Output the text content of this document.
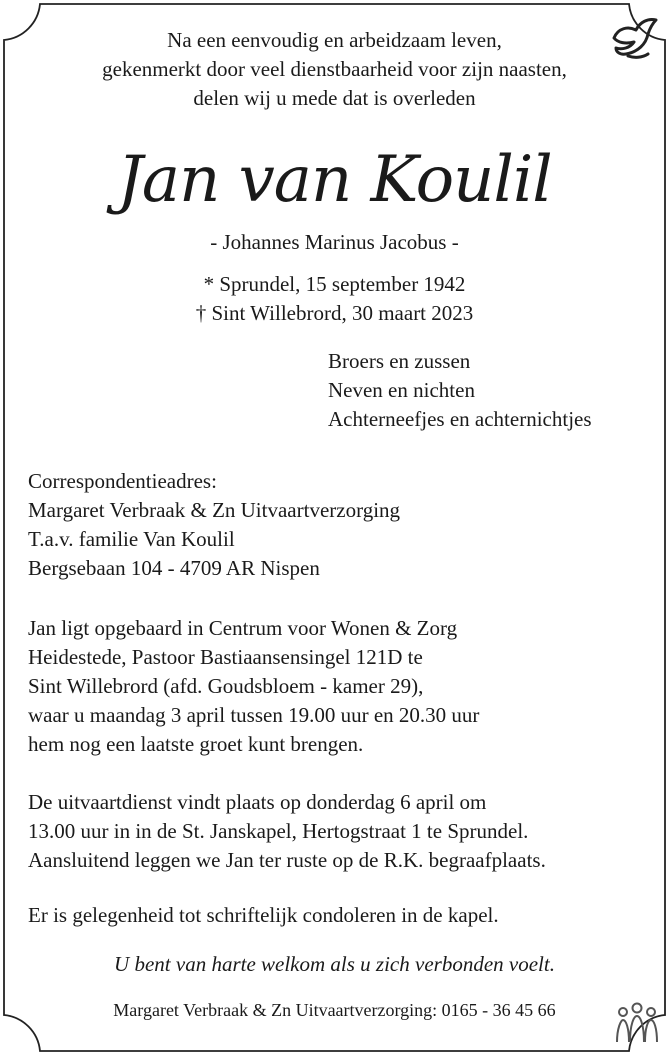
Na een eenvoudig en arbeidzaam leven,
gekenmerkt door veel dienstbaarheid voor zijn naasten,
delen wij u mede dat is overleden
Jan van Koulil
- Johannes Marinus Jacobus -
* Sprundel, 15 september 1942
† Sint Willebrord, 30 maart 2023
Broers en zussen
Neven en nichten
Achterneefjes en achternichtjes
Correspondentieadres:
Margaret Verbraak & Zn Uitvaartverzorging
T.a.v. familie Van Koulil
Bergsebaan 104 - 4709 AR Nispen
Jan ligt opgebaard in Centrum voor Wonen & Zorg
Heidestede, Pastoor Bastiaansensingel 121D te
Sint Willebrord (afd. Goudsbloem - kamer 29),
waar u maandag 3 april tussen 19.00 uur en 20.30 uur
hem nog een laatste groet kunt brengen.
De uitvaartdienst vindt plaats op donderdag 6 april om
13.00 uur in in de St. Janskapel, Hertogstraat 1 te Sprundel.
Aansluitend leggen we Jan ter ruste op de R.K. begraafplaats.
Er is gelegenheid tot schriftelijk condoleren in de kapel.
U bent van harte welkom als u zich verbonden voelt.
Margaret Verbraak & Zn Uitvaartverzorging: 0165 - 36 45 66
